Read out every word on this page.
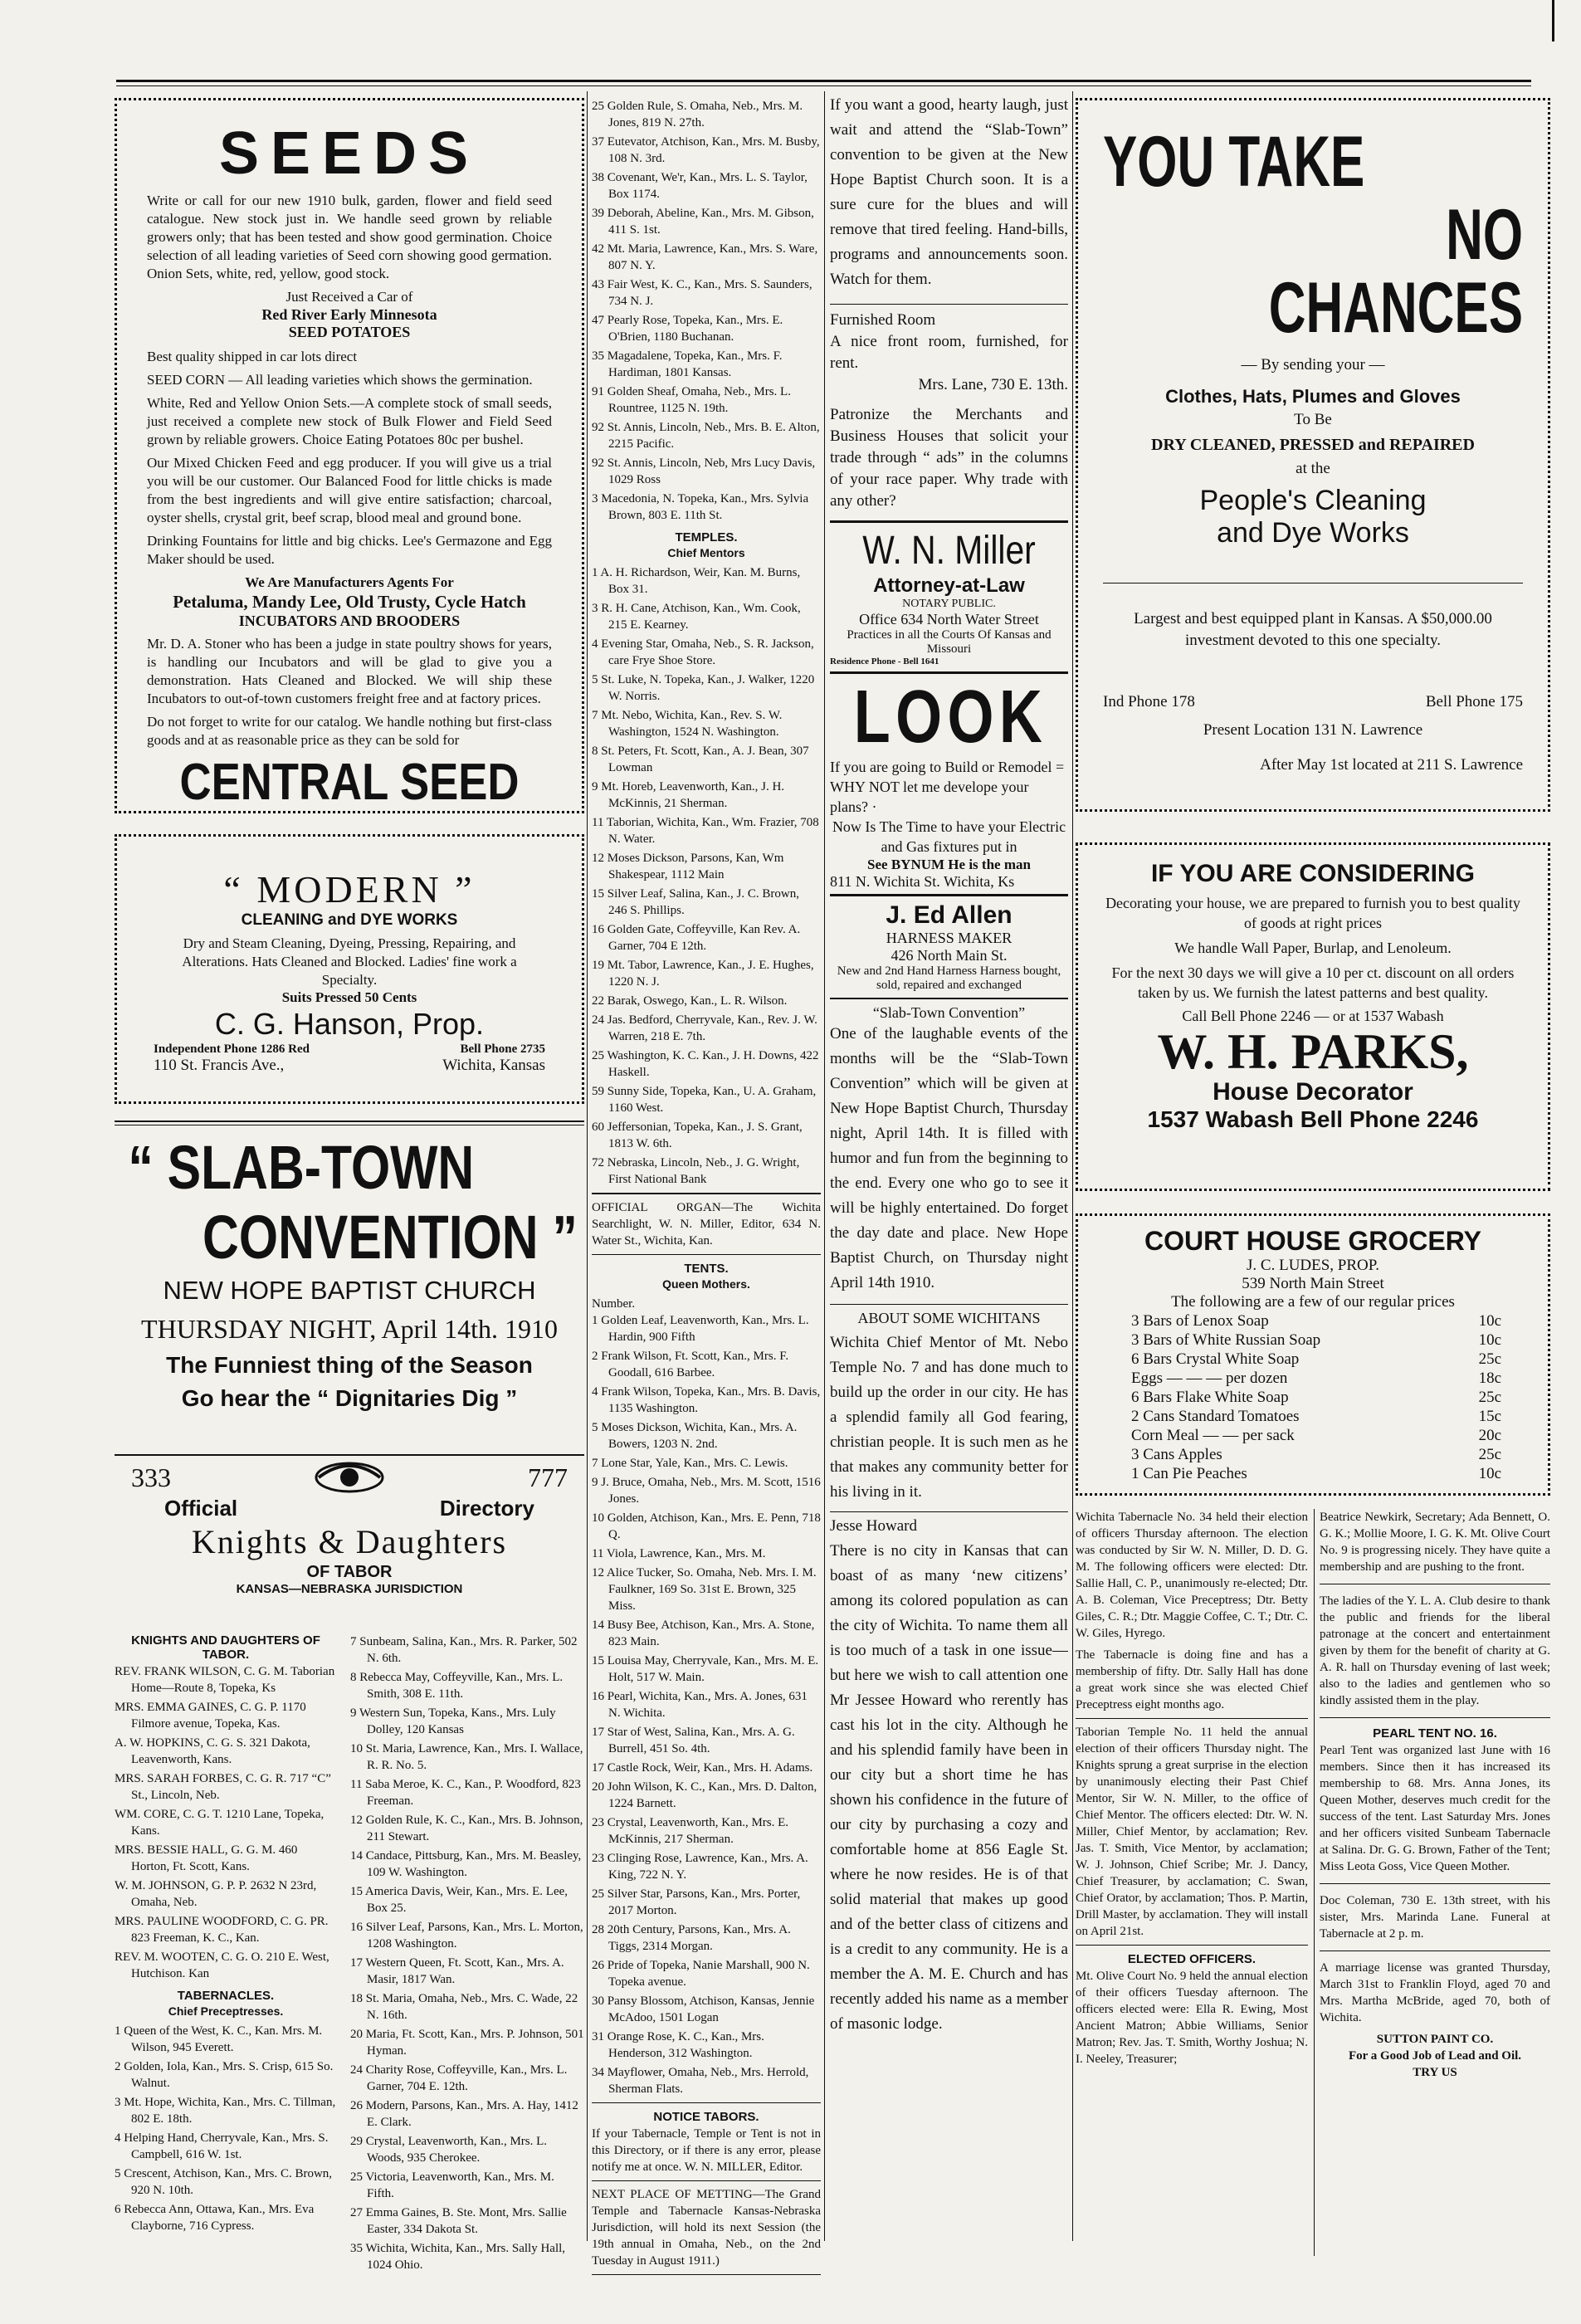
SEEDS

Write or call for our new 1910 bulk, garden, flower and field seed catalogue. New stock just in. We handle seed grown by reliable growers only; that has been tested and show good germination. Choice selection of all leading varieties of Seed corn showing good germation. Onion Sets, white, red, yellow, good stock.

Just Received a Car of
Red River Early Minnesota
SEED POTATOES

Best quality shipped in car lots direct

SEED CORN — All leading varieties which shows the germination.

White, Red and Yellow Onion Sets.—A complete stock of small seeds, just received a complete new stock of Bulk Flower and Field Seed grown by reliable growers. Choice Eating Potatoes 80c per bushel.

Our Mixed Chicken Feed and egg producer. If you will give us a trial you will be our customer. Our Balanced Food for little chicks is made from the best ingredients and will give entire satisfaction; charcoal, oyster shells, crystal grit, beef scrap, blood meal and ground bone.

Drinking Fountains for little and big chicks. Lee's Germazone and Egg Maker should be used.

We Are Manufacturers Agents For
Petaluma, Mandy Lee, Old Trusty, Cycle Hatch
INCUBATORS AND BROODERS

Mr. D. A. Stoner who has been a judge in state poultry shows for years, is handling our Incubators and will be glad to give you a demonstration. Hats Cleaned and Blocked. We will ship these Incubators to out-of-town customers freight free and at factory prices.

Do not forget to write for our catalog. We handle nothing but first-class goods and at as reasonable price as they can be sold for

CENTRAL SEED
“ MODERN ”
CLEANING and DYE WORKS
Dry and Steam Cleaning, Dyeing, Pressing, Repairing, and Alterations. Hats Cleaned and Blocked. Ladies' fine work a Specialty.
Suits Pressed 50 Cents
C. G. Hanson, Prop.
Independent Phone 1286 Red	Bell Phone 2735
110 St. Francis Ave.,	Wichita, Kansas
“ SLAB-TOWN
CONVENTION ”
NEW HOPE BAPTIST CHURCH
THURSDAY NIGHT, April 14th. 1910
The Funniest thing of the Season
Go hear the “ Dignitaries Dig ”
333	777
Official	Directory
Knights & Daughters
OF TABOR
KANSAS—NEBRASKA JURISDICTION
KNIGHTS AND DAUGHTERS OF TABOR.
REV. FRANK WILSON, C. G. M. Taborian Home—Route 8, Topeka, Ks
MRS. EMMA GAINES, C. G. P. 1170 Filmore avenue, Topeka, Kas.
A. W. HOPKINS, C. G. S. 321 Dakota, Leavenworth, Kans.
MRS. SARAH FORBES, C. G. R. 717 “C” St., Lincoln, Neb.
WM. CORE, C. G. T. 1210 Lane, Topeka, Kans.
MRS. BESSIE HALL, G. G. M. 460 Horton, Ft. Scott, Kans.
W. M. JOHNSON, G. P. P. 2632 N 23rd, Omaha, Neb.
MRS. PAULINE WOODFORD, C. G. PR. 823 Freeman, K. C., Kan.
REV. M. WOOTEN, C. G. O. 210 E. West, Hutchison. Kan
TABERNACLES.
Chief Preceptresses.
1 Queen of the West, K. C., Kan. Mrs. M. Wilson, 945 Everett.
2 Golden, Iola, Kan., Mrs. S. Crisp, 615 So. Walnut.
3 Mt. Hope, Wichita, Kan., Mrs. C. Tillman, 802 E. 18th.
4 Helping Hand, Cherryvale, Kan., Mrs. S. Campbell, 616 W. 1st.
5 Crescent, Atchison, Kan., Mrs. C. Brown, 920 N. 10th.
6 Rebecca Ann, Ottawa, Kan., Mrs. Eva Clayborne, 716 Cypress.
7 Sunbeam, Salina, Kan., Mrs. R. Parker, 502 N. 6th.
8 Rebecca May, Coffeyville, Kan., Mrs. L. Smith, 308 E. 11th.
9 Western Sun, Topeka, Kans., Mrs. Luly Dolley, 120 Kansas
10 St. Maria, Lawrence, Kan., Mrs. I. Wallace, R. R. No. 5.
11 Saba Meroe, K. C., Kan., P. Woodford, 823 Freeman.
12 Golden Rule, K. C., Kan., Mrs. B. Johnson, 211 Stewart.
14 Candace, Pittsburg, Kan., Mrs. M. Beasley, 109 W. Washington.
15 America Davis, Weir, Kan., Mrs. E. Lee, Box 25.
16 Silver Leaf, Parsons, Kan., Mrs. L. Morton, 1208 Washington.
17 Western Queen, Ft. Scott, Kan., Mrs. A. Masir, 1817 Wan.
18 St. Maria, Omaha, Neb., Mrs. C. Wade, 22 N. 16th.
20 Maria, Ft. Scott, Kan., Mrs. P. Johnson, 501 Hyman.
24 Charity Rose, Coffeyville, Kan., Mrs. L. Garner, 704 E. 12th.
26 Modern, Parsons, Kan., Mrs. A. Hay, 1412 E. Clark.
29 Crystal, Leavenworth, Kan., Mrs. L. Woods, 935 Cherokee.
25 Victoria, Leavenworth, Kan., Mrs. M. Fifth.
27 Emma Gaines, B. Ste. Mont, Mrs. Sallie Easter, 334 Dakota St.
35 Wichita, Wichita, Kan., Mrs. Sally Hall, 1024 Ohio.
25 Golden Rule, S. Omaha, Neb., Mrs. M. Jones, 819 N. 27th.
37 Eutevator, Atchison, Kan., Mrs. M. Busby, 108 N. 3rd.
38 Covenant, We'r, Kan., Mrs. L. S. Taylor, Box 1174.
39 Deborah, Abeline, Kan., Mrs. M. Gibson, 411 S. 1st.
42 Mt. Maria, Lawrence, Kan., Mrs. S. Ware, 807 N. Y.
43 Fair West, K. C., Kan., Mrs. S. Saunders, 734 N. J.
47 Pearly Rose, Topeka, Kan., Mrs. E. O'Brien, 1180 Buchanan.
35 Magadalene, Topeka, Kan., Mrs. F. Hardiman, 1801 Kansas.
91 Golden Sheaf, Omaha, Neb., Mrs. L. Rountree, 1125 N. 19th.
92 St. Annis, Lincoln, Neb., Mrs. B. E. Alton, 2215 Pacific.
92 St. Annis, Lincoln, Neb, Mrs Lucy Davis, 1029 Ross
3 Macedonia, N. Topeka, Kan., Mrs. Sylvia Brown, 803 E. 11th St.
TEMPLES.
Chief Mentors
1 A. H. Richardson, Weir, Kan. M. Burns, Box 31.
3 R. H. Cane, Atchison, Kan., Wm. Cook, 215 E. Kearney.
4 Evening Star, Omaha, Neb., S. R. Jackson, care Frye Shoe Store.
5 St. Luke, N. Topeka, Kan., J. Walker, 1220 W. Norris.
7 Mt. Nebo, Wichita, Kan., Rev. S. W. Washington, 1524 N. Washington.
8 St. Peters, Ft. Scott, Kan., A. J. Bean, 307 Lowman
9 Mt. Horeb, Leavenworth, Kan., J. H. McKinnis, 21 Sherman.
11 Taborian, Wichita, Kan., Wm. Frazier, 708 N. Water.
12 Moses Dickson, Parsons, Kan, Wm Shakespear, 1112 Main
15 Silver Leaf, Salina, Kan., J. C. Brown, 246 S. Phillips.
16 Golden Gate, Coffeyville, Kan Rev. A. Garner, 704 E 12th.
19 Mt. Tabor, Lawrence, Kan., J. E. Hughes, 1220 N. J.
22 Barak, Oswego, Kan., L. R. Wilson.
24 Jas. Bedford, Cherryvale, Kan., Rev. J. W. Warren, 218 E. 7th.
25 Washington, K. C. Kan., J. H. Downs, 422 Haskell.
59 Sunny Side, Topeka, Kan., U. A. Graham, 1160 West.
60 Jeffersonian, Topeka, Kan., J. S. Grant, 1813 W. 6th.
72 Nebraska, Lincoln, Neb., J. G. Wright, First National Bank
OFFICIAL ORGAN—The Wichita Searchlight, W. N. Miller, Editor, 634 N. Water St., Wichita, Kan.
TENTS.
Queen Mothers.
Number.
1 Golden Leaf, Leavenworth, Kan., Mrs. L. Hardin, 900 Fifth
2 Frank Wilson, Ft. Scott, Kan., Mrs. F. Goodall, 616 Barbee.
4 Frank Wilson, Topeka, Kan., Mrs. B. Davis, 1135 Washington.
5 Moses Dickson, Wichita, Kan., Mrs. A. Bowers, 1203 N. 2nd.
7 Lone Star, Yale, Kan., Mrs. C. Lewis.
9 J. Bruce, Omaha, Neb., Mrs. M. Scott, 1516 Jones.
10 Golden, Atchison, Kan., Mrs. E. Penn, 718 Q.
11 Viola, Lawrence, Kan., Mrs. M.
12 Alice Tucker, So. Omaha, Neb. Mrs. I. M. Faulkner, 169 So. 31st E. Brown, 325 Miss.
14 Busy Bee, Atchison, Kan., Mrs. A. Stone, 823 Main.
15 Louisa May, Cherryvale, Kan., Mrs. M. E. Holt, 517 W. Main.
16 Pearl, Wichita, Kan., Mrs. A. Jones, 631 N. Wichita.
17 Star of West, Salina, Kan., Mrs. A. G. Burrell, 451 So. 4th.
17 Castle Rock, Weir, Kan., Mrs. H. Adams.
20 John Wilson, K. C., Kan., Mrs. D. Dalton, 1224 Barnett.
23 Crystal, Leavenworth, Kan., Mrs. E. McKinnis, 217 Sherman.
23 Clinging Rose, Lawrence, Kan., Mrs. A. King, 722 N. Y.
25 Silver Star, Parsons, Kan., Mrs. Porter, 2017 Morton.
28 20th Century, Parsons, Kan., Mrs. A. Tiggs, 2314 Morgan.
26 Pride of Topeka, Nanie Marshall, 900 N. Topeka avenue.
30 Pansy Blossom, Atchison, Kansas, Jennie McAdoo, 1501 Logan
31 Orange Rose, K. C., Kan., Mrs. Henderson, 312 Washington.
34 Mayflower, Omaha, Neb., Mrs. Herrold, Sherman Flats.
NOTICE TABORS.
If your Tabernacle, Temple or Tent is not in this Directory, or if there is any error, please notify me at once. W. N. MILLER, Editor.
NEXT PLACE OF METTING—The Grand Temple and Tabernacle Kansas-Nebraska Jurisdiction, will hold its next Session (the 19th annual in Omaha, Neb., on the 2nd Tuesday in August 1911.)
If you want a good, hearty laugh, just wait and attend the “Slab-Town” convention to be given at the New Hope Baptist Church soon. It is a sure cure for the blues and will remove that tired feeling. Hand-bills, programs and announcements soon. Watch for them.
Furnished Room
A nice front room, furnished, for rent.
Mrs. Lane, 730 E. 13th.
Patronize the Merchants and Business Houses that solicit your trade through “ ads” in the columns of your race paper. Why trade with any other?
W. N. Miller
Attorney-at-Law
NOTARY PUBLIC.
Office 634 North Water Street
Practices in all the Courts Of Kansas and Missouri
Residence Phone - Bell 1641
LOOK
If you are going to Build or Remodel = WHY NOT let me develope your plans? ·
Now Is The Time to have your Electric and Gas fixtures put in
See BYNUM He is the man
811 N. Wichita St. Wichita, Ks
J. Ed Allen
HARNESS MAKER
426 North Main St.
New and 2nd Hand Harness Harness bought, sold, repaired and exchanged
“Slab-Town Convention”
One of the laughable events of the months will be the “Slab-Town Convention” which will be given at New Hope Baptist Church, Thursday night, April 14th. It is filled with humor and fun from the beginning to the end. Every one who go to see it will be highly entertained. Do forget the day date and place. New Hope Baptist Church, on Thursday night April 14th 1910.
ABOUT SOME WICHITANS
Wichita Chief Mentor of Mt. Nebo Temple No. 7 and has done much to build up the order in our city. He has a splendid family all God fearing, christian people. It is such men as he that makes any community better for his living in it.
Jesse Howard
There is no city in Kansas that can boast of as many ‘new citizens’ among its colored population as can the city of Wichita. To name them all is too much of a task in one issue— but here we wish to call attention one Mr Jessee Howard who rerently has cast his lot in the city. Although he and his splendid family have been in our city but a short time he has shown his confidence in the future of our city by purchasing a cozy and comfortable home at 856 Eagle St. where he now resides. He is of that solid material that makes up good and of the better class of citizens and is a credit to any community. He is a member the A. M. E. Church and has recently added his name as a member of masonic lodge.
YOU TAKE
NO CHANCES
— By sending your —
Clothes, Hats, Plumes and Gloves
To Be
DRY CLEANED, PRESSED and REPAIRED
at the
People's Cleaning
and Dye Works
Largest and best equipped plant in Kansas. A $50,000.00 investment devoted to this one specialty.
Ind Phone 178	Bell Phone 175
Present Location 131 N. Lawrence
After May 1st located at 211 S. Lawrence
IF YOU ARE CONSIDERING
Decorating your house, we are prepared to furnish you to best quality of goods at right prices
We handle Wall Paper, Burlap, and Lenoleum.
For the next 30 days we will give a 10 per ct. discount on all orders taken by us. We furnish the latest patterns and best quality.
Call Bell Phone 2246 — or at 1537 Wabash
W. H. PARKS,
House Decorator
1537 Wabash Bell Phone 2246
COURT HOUSE GROCERY
J. C. LUDES, PROP.
539 North Main Street
The following are a few of our regular prices
3 Bars of Lenox Soap	10c
3 Bars of White Russian Soap	10c
6 Bars Crystal White Soap	25c
Eggs — — — per dozen	18c
6 Bars Flake White Soap	25c
2 Cans Standard Tomatoes	15c
Corn Meal — — per sack	20c
3 Cans Apples	25c
1 Can Pie Peaches	10c

Wichita Tabernacle No. 34 held their election of officers Thursday afternoon. The election was conducted by Sir W. N. Miller, D. D. G. M. The following officers were elected: Dtr. Sallie Hall, C. P., unanimously re-elected; Dtr. A. B. Coleman, Vice Preceptress; Dtr. Betty Giles, C. R.; Dtr. Maggie Coffee, C. T.; Dtr. C. W. Giles, Hyrego.

The Tabernacle is doing fine and has a membership of fifty. Dtr. Sally Hall has done a great work since she was elected Chief Preceptress eight months ago.

Taborian Temple No. 11 held the annual election of their officers Thursday night. The Knights sprung a great surprise in the election by unanimously electing their Past Chief Mentor, Sir W. N. Miller, to the office of Chief Mentor. The officers elected: Dtr. W. N. Miller, Chief Mentor, by acclamation; Rev. Jas. T. Smith, Vice Mentor, by acclamation; W. J. Johnson, Chief Scribe; Mr. J. Dancy, Chief Treasurer, by acclamation; C. Swan, Chief Orator, by acclamation; Thos. P. Martin, Drill Master, by acclamation. They will install on April 21st.

ELECTED OFFICERS.

Mt. Olive Court No. 9 held the annual election of their officers Tuesday afternoon. The officers elected were: Ella R. Ewing, Most Ancient Matron; Abbie Williams, Senior Matron; Rev. Jas. T. Smith, Worthy Joshua; N. I. Neeley, Treasurer;

Beatrice Newkirk, Secretary; Ada Bennett, O. G. K.; Mollie Moore, I. G. K. Mt. Olive Court No. 9 is progressing nicely. They have quite a membership and are pushing to the front.

The ladies of the Y. L. A. Club desire to thank the public and friends for the liberal patronage at the concert and entertainment given by them for the benefit of charity at G. A. R. hall on Thursday evening of last week; also to the ladies and gentlemen who so kindly assisted them in the play.

PEARL TENT NO. 16.

Pearl Tent was organized last June with 16 members. Since then it has increased its membership to 68. Mrs. Anna Jones, its Queen Mother, deserves much credit for the success of the tent. Last Saturday Mrs. Jones and her officers visited Sunbeam Tabernacle at Salina. Dr. G. G. Brown, Father of the Tent; Miss Leota Goss, Vice Queen Mother.

Doc Coleman, 730 E. 13th street, with his sister, Mrs. Marinda Lane. Funeral at Tabernacle at 2 p. m.

A marriage license was granted Thursday, March 31st to Franklin Floyd, aged 70 and Mrs. Martha McBride, aged 70, both of Wichita.

SUTTON PAINT CO.
For a Good Job of Lead and Oil.
TRY US
